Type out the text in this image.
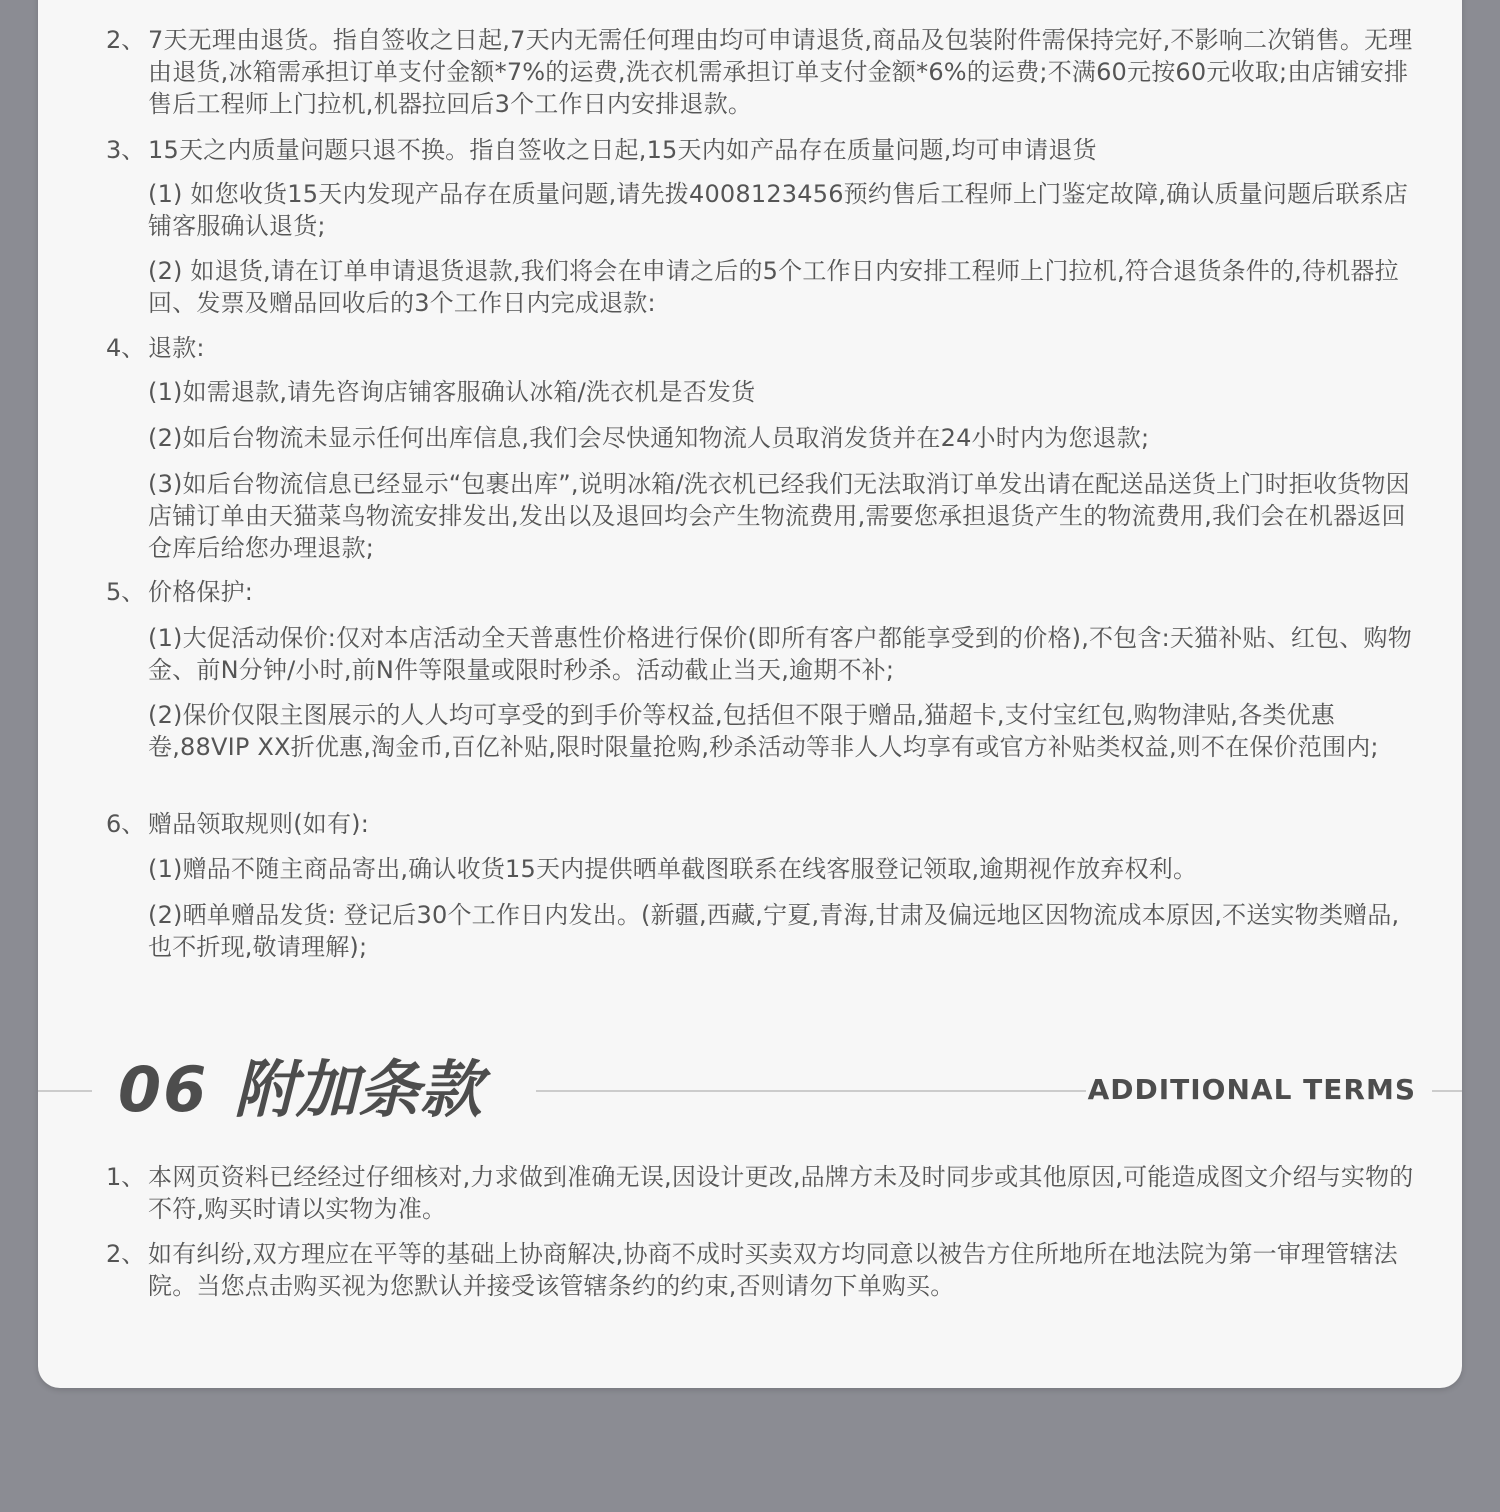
2、 7天无理由退货。指自签收之日起,7天内无需任何理由均可申请退货,商品及包装附件需保持完好,不影响二次销售。无理由退货,冰箱需承担订单支付金额*7%的运费,洗衣机需承担订单支付金额*6%的运费;不满60元按60元收取;由店铺安排售后工程师上门拉机,机器拉回后3个工作日内安排退款。

3、 15天之内质量问题只退不换。指自签收之日起,15天内如产品存在质量问题,均可申请退货

(1) 如您收货15天内发现产品存在质量问题,请先拨4008123456预约售后工程师上门鉴定故障,确认质量问题后联系店铺客服确认退货;

(2) 如退货,请在订单申请退货退款,我们将会在申请之后的5个工作日内安排工程师上门拉机,符合退货条件的,待机器拉回、发票及赠品回收后的3个工作日内完成退款:

4、 退款:

(1)如需退款,请先咨询店铺客服确认冰箱/洗衣机是否发货

(2)如后台物流未显示任何出库信息,我们会尽快通知物流人员取消发货并在24小时内为您退款;

(3)如后台物流信息已经显示“包裹出库”,说明冰箱/洗衣机已经我们无法取消订单发出请在配送品送货上门时拒收货物因店铺订单由天猫菜鸟物流安排发出,发出以及退回均会产生物流费用,需要您承担退货产生的物流费用,我们会在机器返回仓库后给您办理退款;

5、 价格保护:

(1)大促活动保价:仅对本店活动全天普惠性价格进行保价(即所有客户都能享受到的价格),不包含:天猫补贴、红包、购物金、前N分钟/小时,前N件等限量或限时秒杀。活动截止当天,逾期不补;

(2)保价仅限主图展示的人人均可享受的到手价等权益,包括但不限于赠品,猫超卡,支付宝红包,购物津贴,各类优惠卷,88VIP XX折优惠,淘金币,百亿补贴,限时限量抢购,秒杀活动等非人人均享有或官方补贴类权益,则不在保价范围内;

6、 赠品领取规则(如有):

(1)赠品不随主商品寄出,确认收货15天内提供晒单截图联系在线客服登记领取,逾期视作放弃权利。

(2)晒单赠品发货: 登记后30个工作日内发出。(新疆,西藏,宁夏,青海,甘肃及偏远地区因物流成本原因,不送实物类赠品,也不折现,敬请理解);

06 附加条款	ADDITIONAL TERMS
1、 本网页资料已经经过仔细核对,力求做到准确无误,因设计更改,品牌方未及时同步或其他原因,可能造成图文介绍与实物的不符,购买时请以实物为准。

2、 如有纠纷,双方理应在平等的基础上协商解决,协商不成时买卖双方均同意以被告方住所地所在地法院为第一审理管辖法院。当您点击购买视为您默认并接受该管辖条约的约束,否则请勿下单购买。
